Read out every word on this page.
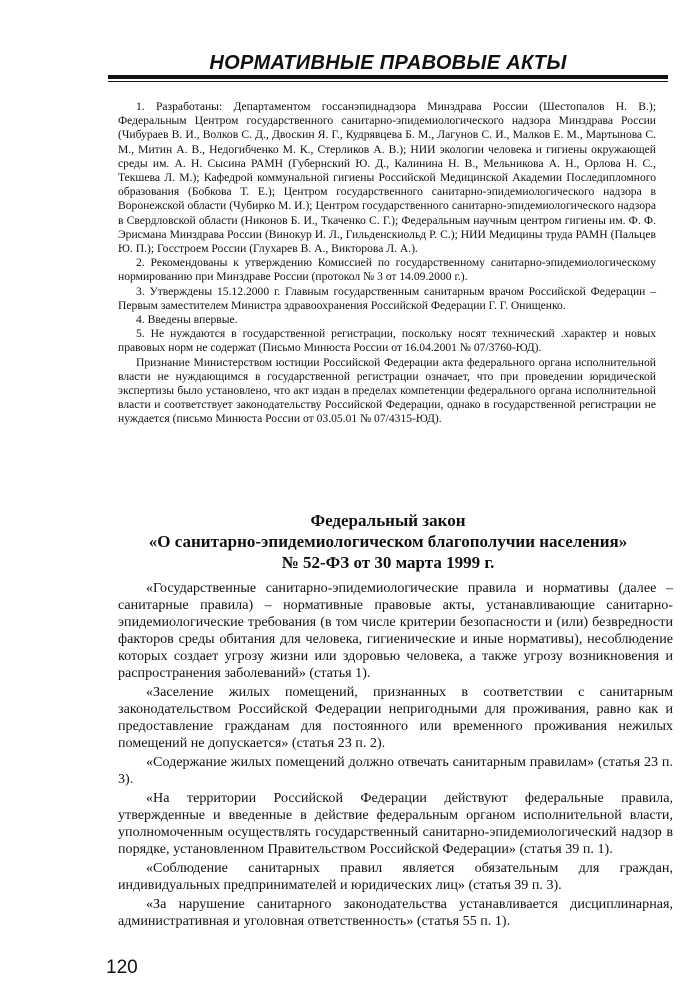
НОРМАТИВНЫЕ ПРАВОВЫЕ АКТЫ

1. Разработаны: Департаментом госсанэпиднадзора Минздрава России (Шестопалов Н. В.); Федеральным Центром государственного санитарно-эпидемиологического надзора Минздрава России (Чибураев В. И., Волков С. Д., Двоскин Я. Г., Кудрявцева Б. М., Лагунов С. И., Малков Е. М., Мартынова С. М., Митин А. В., Недогибченко М. К., Стерликов А. В.); НИИ экологии человека и гигиены окружающей среды им. А. Н. Сысина РАМН (Губернский Ю. Д., Калинина Н. В., Мельникова А. Н., Орлова Н. С., Текшева Л. М.); Кафедрой коммунальной гигиены Российской Медицинской Академии Последипломного образования (Бобкова Т. Е.); Центром государственного санитарно-эпидемиологического надзора в Воронежской области (Чубирко М. И.); Центром государственного санитарно-эпидемиологического надзора в Свердловской области (Никонов Б. И., Ткаченко С. Г.); Федеральным научным центром гигиены им. Ф. Ф. Эрисмана Минздрава России (Винокур И. Л., Гильденскиольд Р. С.); НИИ Медицины труда РАМН (Пальцев Ю. П.); Госстроем России (Глухарев В. А., Викторова Л. А.).

2. Рекомендованы к утверждению Комиссией по государственному санитарно-эпидемиологическому нормированию при Минздраве России (протокол № 3 от 14.09.2000 г.).

3. Утверждены 15.12.2000 г. Главным государственным санитарным врачом Российской Федерации – Первым заместителем Министра здравоохранения Российской Федерации Г. Г. Онищенко.

4. Введены впервые.

5. Не нуждаются в государственной регистрации, поскольку носят технический .характер и новых правовых норм не содержат (Письмо Минюста России от 16.04.2001 № 07/3760-ЮД).

Признание Министерством юстиции Российской Федерации акта федерального органа исполнительной власти не нуждающимся в государственной регистрации означает, что при проведении юридической экспертизы было установлено, что акт издан в пределах компетенции федерального органа исполнительной власти и соответствует законодательству Российской Федерации, однако в государственной регистрации не нуждается (письмо Минюста России от 03.05.01 № 07/4315-ЮД).

Федеральный закон
«О санитарно-эпидемиологическом благополучии населения»
№ 52-ФЗ от 30 марта 1999 г.

«Государственные санитарно-эпидемиологические правила и нормативы (далее – санитарные правила) – нормативные правовые акты, устанавливающие санитарно-эпидемиологические требования (в том числе критерии безопасности и (или) безвредности факторов среды обитания для человека, гигиенические и иные нормативы), несоблюдение которых создает угрозу жизни или здоровью человека, а также угрозу возникновения и распространения заболеваний» (статья 1).

«Заселение жилых помещений, признанных в соответствии с санитарным законодательством Российской Федерации непригодными для проживания, равно как и предоставление гражданам для постоянного или временного проживания нежилых помещений не допускается» (статья 23 п. 2).

«Содержание жилых помещений должно отвечать санитарным правилам» (статья 23 п. 3).

«На территории Российской Федерации действуют федеральные правила, утвержденные и введенные в действие федеральным органом исполнительной власти, уполномоченным осуществлять государственный санитарно-эпидемиологический надзор в порядке, установленном Правительством Российской Федерации» (статья 39 п. 1).

«Соблюдение санитарных правил является обязательным для граждан, индивидуальных предпринимателей и юридических лиц» (статья 39 п. 3).

«За нарушение санитарного законодательства устанавливается дисциплинарная, административная и уголовная ответственность» (статья 55 п. 1).

120
